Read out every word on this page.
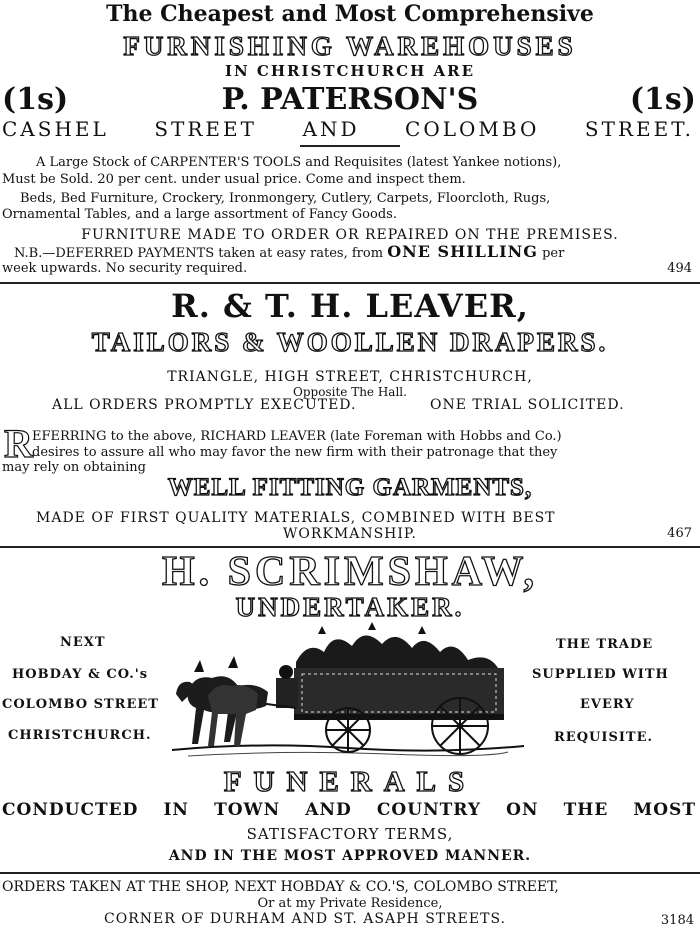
The Cheapest and Most Comprehensive
FURNISHING WAREHOUSES
IN CHRISTCHURCH ARE
(1s)	P. PATERSON'S	(1s)
CASHEL STREET AND COLOMBO STREET.
A Large Stock of CARPENTER'S TOOLS and Requisites (latest Yankee notions),
Must be Sold. 20 per cent. under usual price. Come and inspect them.
Beds, Bed Furniture, Crockery, Ironmongery, Cutlery, Carpets, Floorcloth, Rugs,
Ornamental Tables, and a large assortment of Fancy Goods.
FURNITURE MADE TO ORDER OR REPAIRED ON THE PREMISES.
N.B.—DEFERRED PAYMENTS taken at easy rates, from ONE SHILLING per
week upwards. No security required.	494
R. & T. H. LEAVER,
TAILORS & WOOLLEN DRAPERS.
TRIANGLE, HIGH STREET, CHRISTCHURCH,
Opposite The Hall.
ALL ORDERS PROMPTLY EXECUTED.	ONE TRIAL SOLICITED.
R EFERRING to the above, RICHARD LEAVER (late Foreman with Hobbs and Co.)
desires to assure all who may favor the new firm with their patronage that they
may rely on obtaining
WELL FITTING GARMENTS,
MADE OF FIRST QUALITY MATERIALS, COMBINED WITH BEST
WORKMANSHIP.	467
H. SCRIMSHAW,
UNDERTAKER.
NEXT
HOBDAY & CO.'s
COLOMBO STREET
CHRISTCHURCH.
THE TRADE
SUPPLIED WITH
EVERY
REQUISITE.
FUNERALS
CONDUCTED IN TOWN AND COUNTRY ON THE MOST
SATISFACTORY TERMS,
AND IN THE MOST APPROVED MANNER.
ORDERS TAKEN AT THE SHOP, NEXT HOBDAY & CO.'S, COLOMBO STREET,
Or at my Private Residence,
CORNER OF DURHAM AND ST. ASAPH STREETS.	3184
